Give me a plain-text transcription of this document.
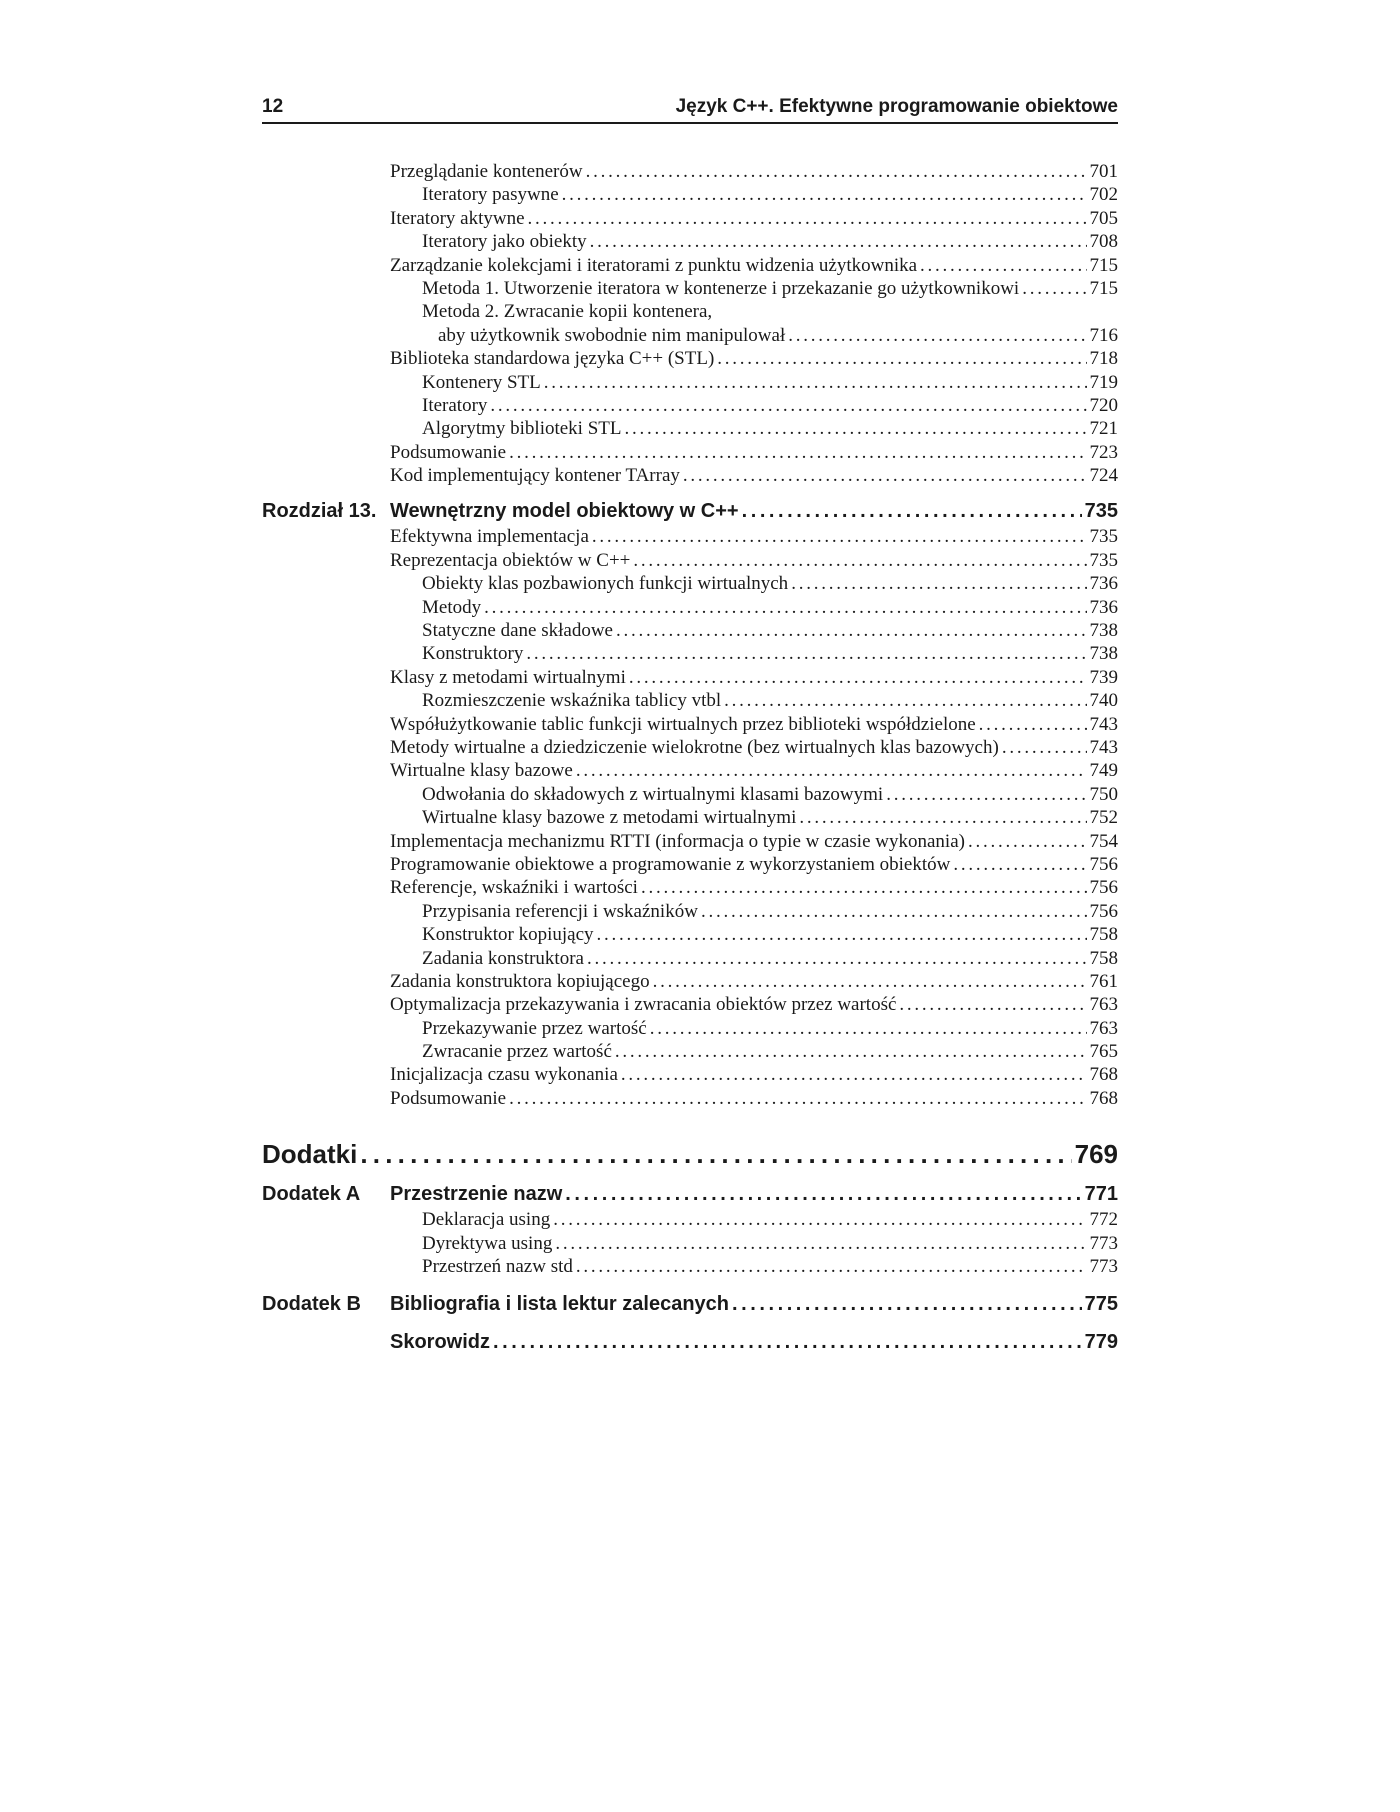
12	Język C++. Efektywne programowanie obiektowe
Przeglądanie kontenerów . . .	701
Iteratory pasywne . . .	702
Iteratory aktywne . . .	705
Iteratory jako obiekty . . .	708
Zarządzanie kolekcjami i iteratorami z punktu widzenia użytkownika . . .	715
Metoda 1. Utworzenie iteratora w kontenerze i przekazanie go użytkownikowi . . .	715
Metoda 2. Zwracanie kopii kontenera,
aby użytkownik swobodnie nim manipulował . . .	716
Biblioteka standardowa języka C++ (STL) . . .	718
Kontenery STL . . .	719
Iteratory . . .	720
Algorytmy biblioteki STL . . .	721
Podsumowanie . . .	723
Kod implementujący kontener TArray . . .	724
Rozdział 13. Wewnętrzny model obiektowy w C++ . . .	735
Efektywna implementacja . . .	735
Reprezentacja obiektów w C++ . . .	735
Obiekty klas pozbawionych funkcji wirtualnych . . .	736
Metody . . .	736
Statyczne dane składowe . . .	738
Konstruktory . . .	738
Klasy z metodami wirtualnymi . . .	739
Rozmieszczenie wskaźnika tablicy vtbl . . .	740
Współużytkowanie tablic funkcji wirtualnych przez biblioteki współdzielone . . .	743
Metody wirtualne a dziedziczenie wielokrotne (bez wirtualnych klas bazowych) . . .	743
Wirtualne klasy bazowe . . .	749
Odwołania do składowych z wirtualnymi klasami bazowymi . . .	750
Wirtualne klasy bazowe z metodami wirtualnymi . . .	752
Implementacja mechanizmu RTTI (informacja o typie w czasie wykonania) . . .	754
Programowanie obiektowe a programowanie z wykorzystaniem obiektów . . .	756
Referencje, wskaźniki i wartości . . .	756
Przypisania referencji i wskaźników . . .	756
Konstruktor kopiujący . . .	758
Zadania konstruktora . . .	758
Zadania konstruktora kopiującego . . .	761
Optymalizacja przekazywania i zwracania obiektów przez wartość . . .	763
Przekazywanie przez wartość . . .	763
Zwracanie przez wartość . . .	765
Inicjalizacja czasu wykonania . . .	768
Podsumowanie . . .	768
Dodatki . . .	769
Dodatek A	Przestrzenie nazw . . .	771
Deklaracja using . . .	772
Dyrektywa using . . .	773
Przestrzeń nazw std . . .	773
Dodatek B	Bibliografia i lista lektur zalecanych . . .	775
Skorowidz . . .	779
